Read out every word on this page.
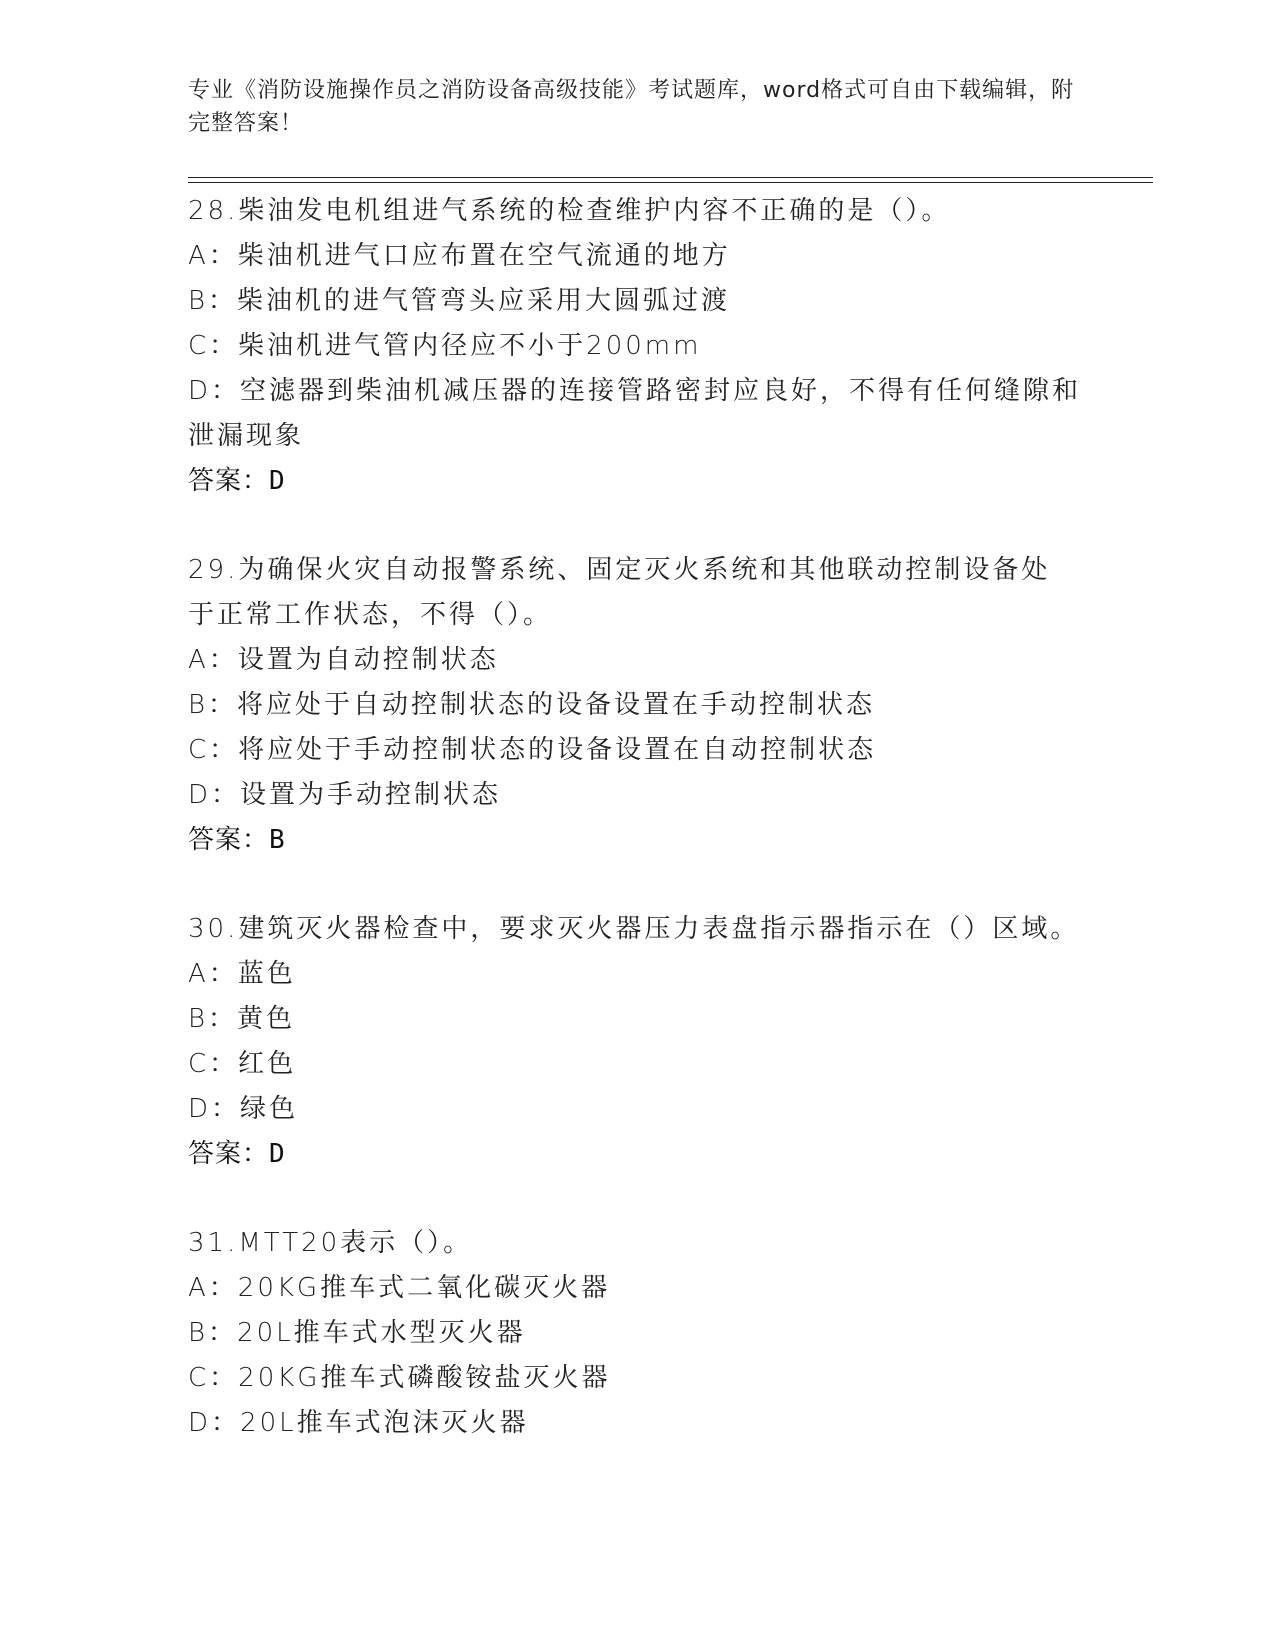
专业《消防设施操作员之消防设备高级技能》考试题库，word格式可自由下载编辑，附完整答案！
28.柴油发电机组进气系统的检查维护内容不正确的是（）。
A： 柴油机进气口应布置在空气流通的地方
B： 柴油机的进气管弯头应采用大圆弧过渡
C： 柴油机进气管内径应不小于200mm
D：空滤器到柴油机减压器的连接管路密封应良好，不得有任何缝隙和泄漏现象
答案：D
29.为确保火灾自动报警系统、固定灭火系统和其他联动控制设备处于正常工作状态，不得（）。
A： 设置为自动控制状态
B： 将应处于自动控制状态的设备设置在手动控制状态
C： 将应处于手动控制状态的设备设置在自动控制状态
D： 设置为手动控制状态
答案：B
30.建筑灭火器检查中，要求灭火器压力表盘指示器指示在（）区域。
A： 蓝色
B： 黄色
C： 红色
D： 绿色
答案：D
31.MTT20表示（）。
A： 20KG推车式二氧化碳灭火器
B： 20L推车式水型灭火器
C： 20KG推车式磷酸铵盐灭火器
D： 20L推车式泡沫灭火器
